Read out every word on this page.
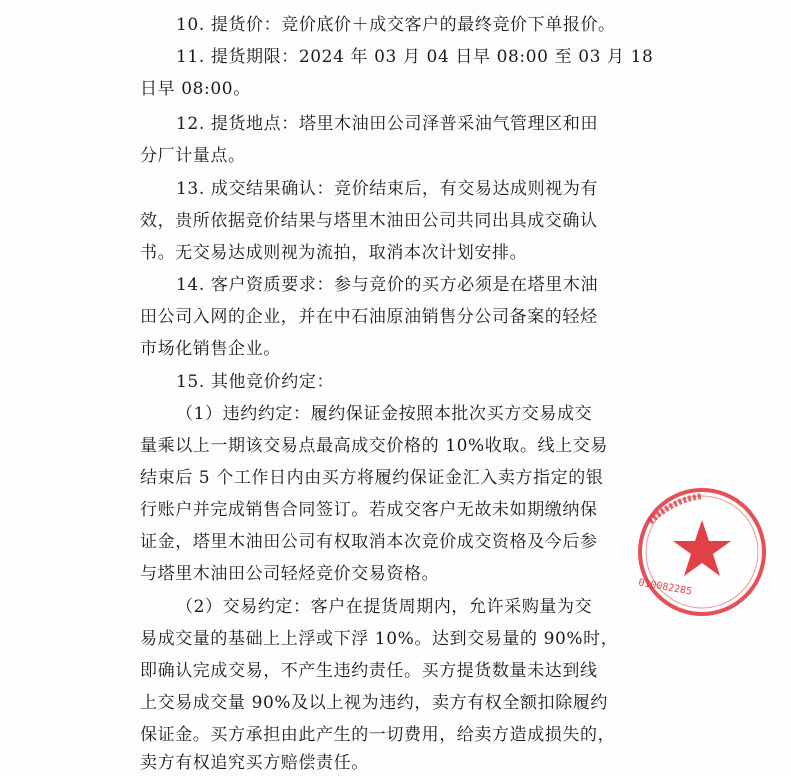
10. 提货价：竞价底价＋成交客户的最终竞价下单报价。
11. 提货期限：2024 年 03 月 04 日早 08:00 至 03 月 18
日早 08:00。
12. 提货地点：塔里木油田公司泽普采油气管理区和田
分厂计量点。
13. 成交结果确认：竞价结束后，有交易达成则视为有
效，贵所依据竞价结果与塔里木油田公司共同出具成交确认
书。无交易达成则视为流拍，取消本次计划安排。
14. 客户资质要求：参与竞价的买方必须是在塔里木油
田公司入网的企业，并在中石油原油销售分公司备案的轻烃
市场化销售企业。
15. 其他竞价约定：
（1）违约约定：履约保证金按照本批次买方交易成交
量乘以上一期该交易点最高成交价格的 10%收取。线上交易
结束后 5 个工作日内由买方将履约保证金汇入卖方指定的银
行账户并完成销售合同签订。若成交客户无故未如期缴纳保
证金，塔里木油田公司有权取消本次竞价成交资格及今后参
与塔里木油田公司轻烃竞价交易资格。
（2）交易约定：客户在提货周期内，允许采购量为交
易成交量的基础上上浮或下浮 10%。达到交易量的 90%时，
即确认完成交易，不产生违约责任。买方提货数量未达到线
上交易成交量 90%及以上视为违约，卖方有权全额扣除履约
保证金。买方承担由此产生的一切费用，给卖方造成损失的，
卖方有权追究买方赔偿责任。
010082285
